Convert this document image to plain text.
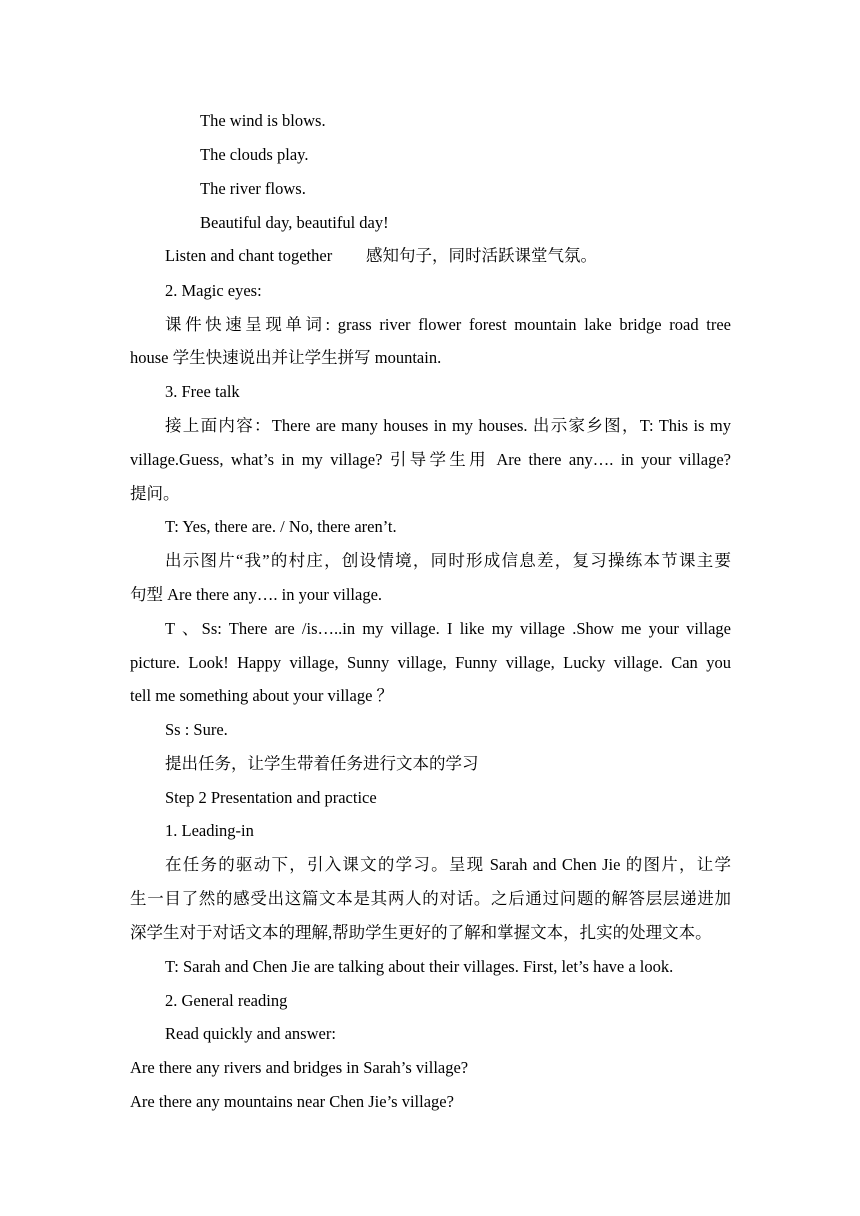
The wind is blows.
The clouds play.
The river flows.
Beautiful day, beautiful day!
Listen and chant together 感知句子，同时活跃课堂气氛。
2. Magic eyes:
课件快速呈现单词: grass river flower forest mountain lake bridge road tree
house 学生快速说出并让学生拼写 mountain.
3. Free talk
接上面内容：There are many houses in my houses. 出示家乡图，T: This is my
village.Guess, what’s in my village? 引导学生用 Are there any…. in your village?
提问。
T: Yes, there are. / No, there aren’t.
出示图片“我”的村庄，创设情境，同时形成信息差，复习操练本节课主要
句型 Are there any…. in your village.
T 、Ss: There are /is…..in my village. I like my village .Show me your village
picture. Look! Happy village, Sunny village, Funny village, Lucky village. Can you
tell me something about your village ？
Ss : Sure.
提出任务，让学生带着任务进行文本的学习
Step 2 Presentation and practice
1. Leading-in
在任务的驱动下，引入课文的学习。呈现 Sarah and Chen Jie 的图片，让学
生一目了然的感受出这篇文本是其两人的对话。之后通过问题的解答层层递进加
深学生对于对话文本的理解,帮助学生更好的了解和掌握文本，扎实的处理文本。
T: Sarah and Chen Jie are talking about their villages. First, let’s have a look.
2. General reading
Read quickly and answer:
Are there any rivers and bridges in Sarah’s village?
Are there any mountains near Chen Jie’s village?
